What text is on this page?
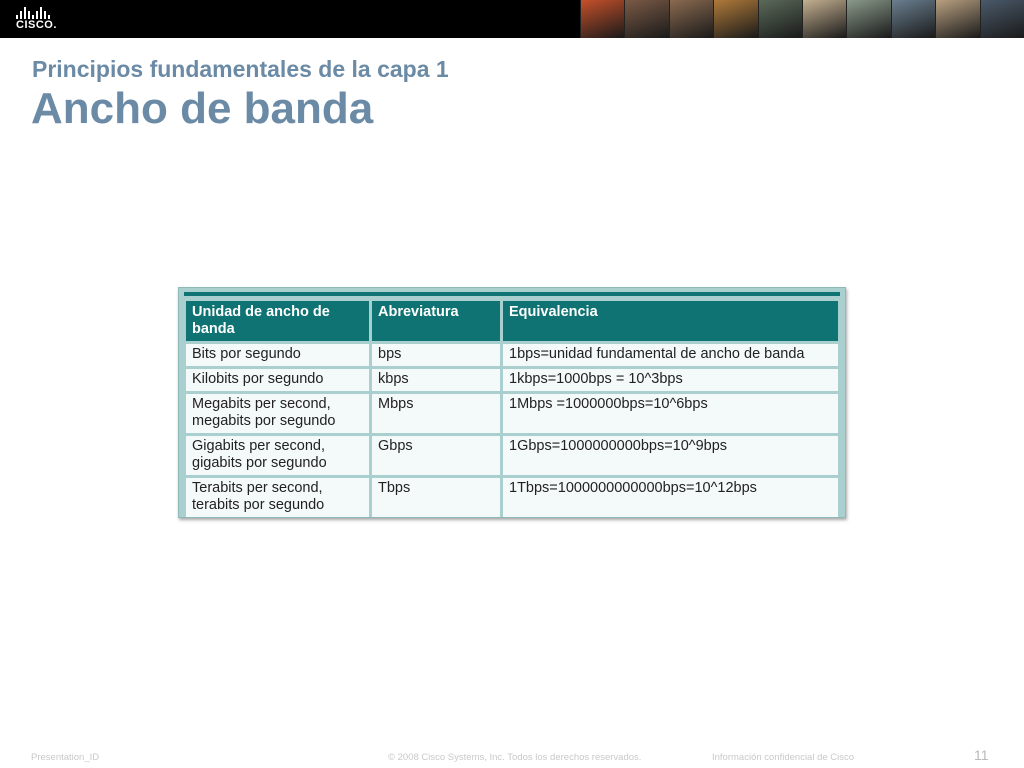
CISCO.
Principios fundamentales de la capa 1
Ancho de banda
Unidad de ancho de banda	Abreviatura	Equivalencia
Bits por segundo	bps	1bps=unidad fundamental de ancho de banda
Kilobits por segundo	kbps	1kbps=1000bps = 10^3bps
Megabits per second, megabits por segundo	Mbps	1Mbps =1000000bps=10^6bps
Gigabits per second, gigabits por segundo	Gbps	1Gbps=1000000000bps=10^9bps
Terabits per second, terabits por segundo	Tbps	1Tbps=1000000000000bps=10^12bps
Presentation_ID	© 2008 Cisco Systems, Inc. Todos los derechos reservados.	Información confidencial de Cisco	11
